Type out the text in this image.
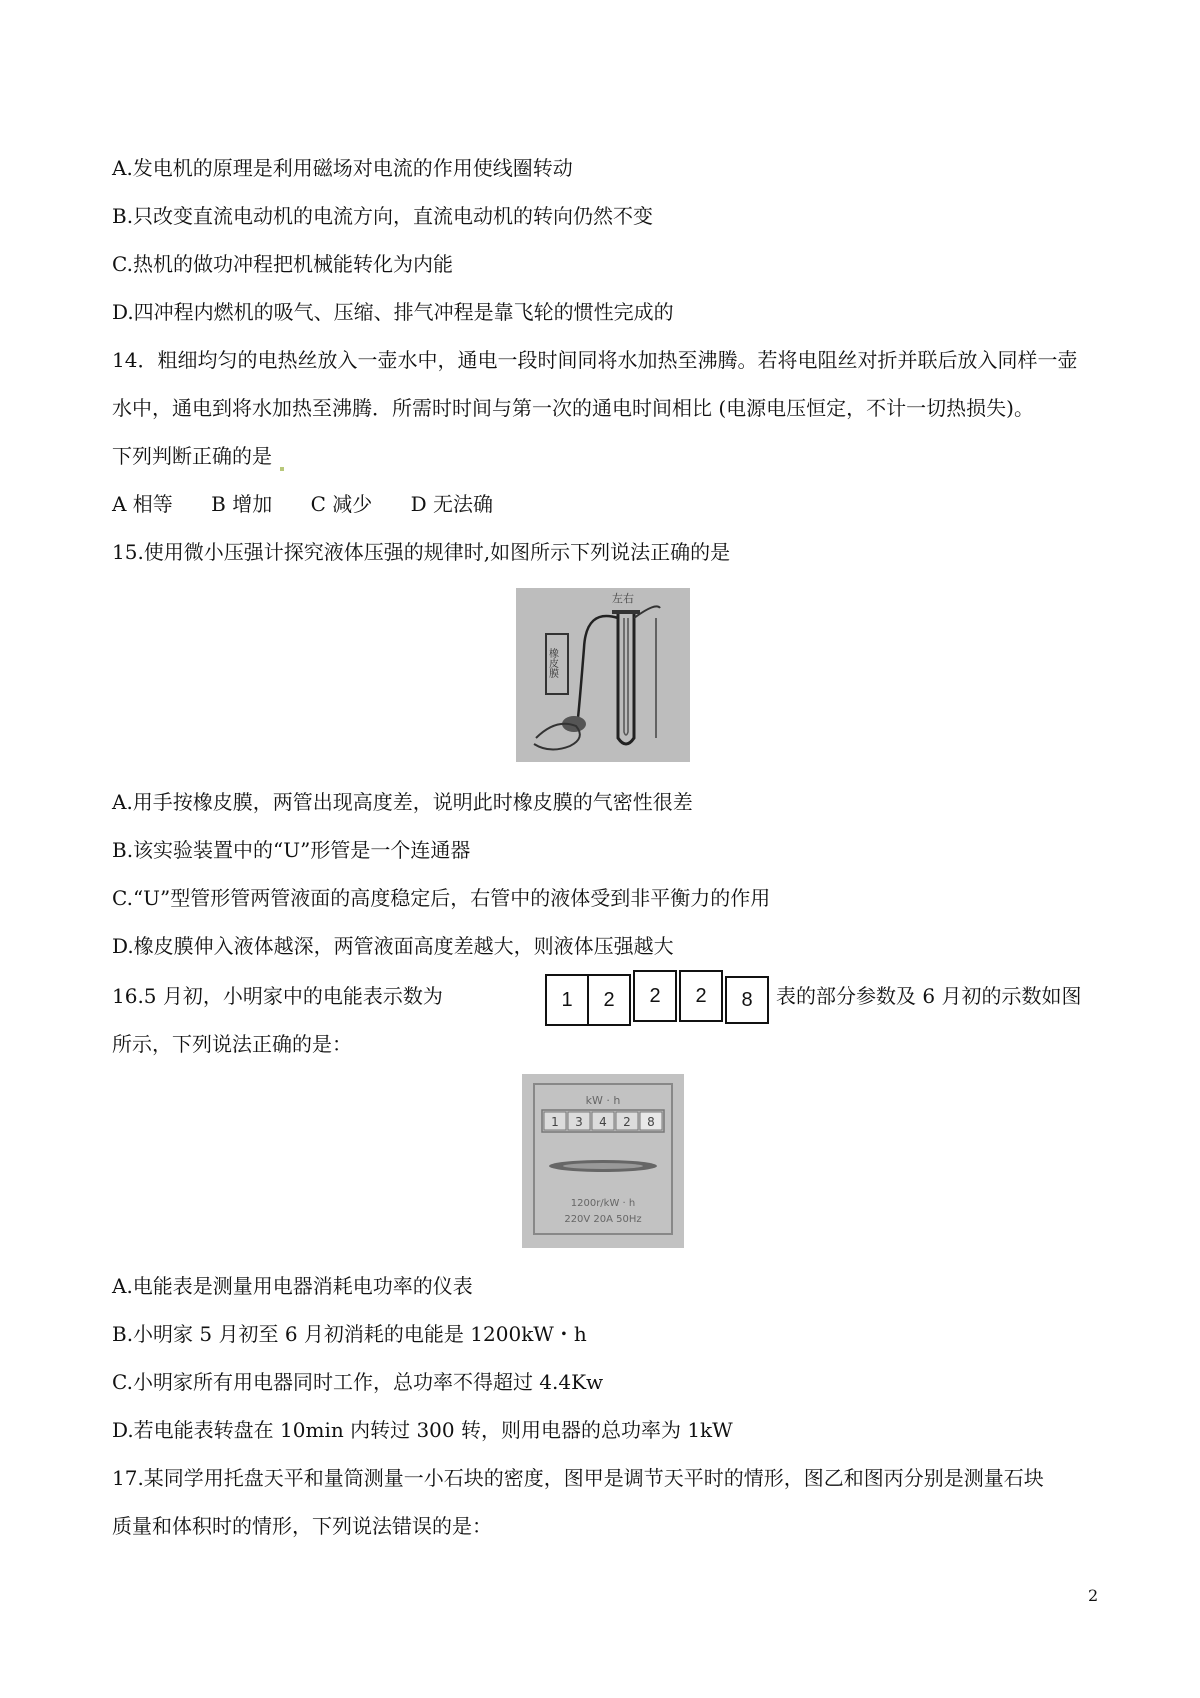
A.发电机的原理是利用磁场对电流的作用使线圈转动
B.只改变直流电动机的电流方向，直流电动机的转向仍然不变
C.热机的做功冲程把机械能转化为内能
D.四冲程内燃机的吸气、压缩、排气冲程是靠飞轮的惯性完成的
14．粗细均匀的电热丝放入一壶水中，通电一段时间同将水加热至沸腾。若将电阻丝对折并联后放入同样一壶
水中，通电到将水加热至沸腾．所需时时间与第一次的通电时间相比 (电源电压恒定，不计一切热损失)。
下列判断正确的是
A 相等 B 增加 C 减少 D 无法确
15.使用微小压强计探究液体压强的规律时,如图所示下列说法正确的是
左右
橡皮膜
A.用手按橡皮膜，两管出现高度差，说明此时橡皮膜的气密性很差
B.该实验装置中的“U”形管是一个连通器
C.“U”型管形管两管液面的高度稳定后，右管中的液体受到非平衡力的作用
D.橡皮膜伸入液体越深，两管液面高度差越大，则液体压强越大
16.5 月初，小明家中的电能表示数为	1	2	2	2	8	表的部分参数及 6 月初的示数如图
所示，下列说法正确的是：
kW · h
1 3 4 2 8
1200r/kW · h
220V 20A 50Hz
A.电能表是测量用电器消耗电功率的仪表
B.小明家 5 月初至 6 月初消耗的电能是 1200kW・h
C.小明家所有用电器同时工作，总功率不得超过 4.4Kw
D.若电能表转盘在 10min 内转过 300 转，则用电器的总功率为 1kW
17.某同学用托盘天平和量筒测量一小石块的密度，图甲是调节天平时的情形，图乙和图丙分别是测量石块
质量和体积时的情形，下列说法错误的是：
2
